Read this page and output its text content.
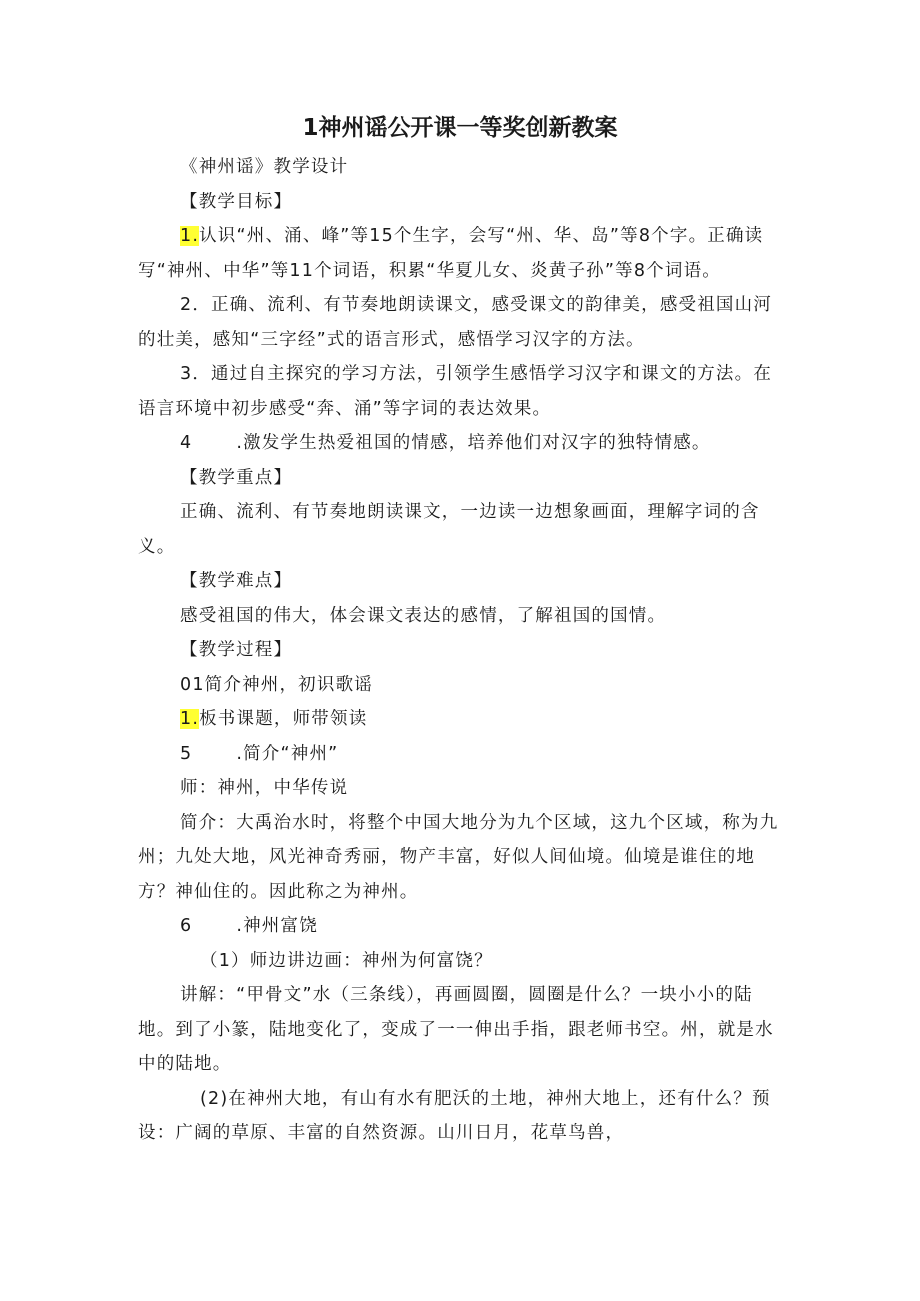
1神州谣公开课一等奖创新教案

《神州谣》教学设计

【教学目标】

1.认识“州、涌、峰”等15个生字，会写“州、华、岛”等8个字。正确读写“神州、中华”等11个词语，积累“华夏儿女、炎黄子孙”等8个词语。

2．正确、流利、有节奏地朗读课文，感受课文的韵律美，感受祖国山河的壮美，感知“三字经”式的语言形式，感悟学习汉字的方法。

3．通过自主探究的学习方法，引领学生感悟学习汉字和课文的方法。在语言环境中初步感受“奔、涌”等字词的表达效果。

4	.激发学生热爱祖国的情感，培养他们对汉字的独特情感。

【教学重点】

正确、流利、有节奏地朗读课文，一边读一边想象画面，理解字词的含义。

【教学难点】

感受祖国的伟大，体会课文表达的感情，了解祖国的国情。

【教学过程】

01简介神州，初识歌谣

1.板书课题，师带领读

5	.简介“神州”

师：神州，中华传说

简介：大禹治水时，将整个中国大地分为九个区域，这九个区域，称为九州；九处大地，风光神奇秀丽，物产丰富，好似人间仙境。仙境是谁住的地方？神仙住的。因此称之为神州。

6	.神州富饶

（1）师边讲边画：神州为何富饶？

讲解：“甲骨文”水（三条线），再画圆圈，圆圈是什么？一块小小的陆地。到了小篆，陆地变化了，变成了一一伸出手指，跟老师书空。州，就是水中的陆地。

(2)在神州大地，有山有水有肥沃的土地，神州大地上，还有什么？预设：广阔的草原、丰富的自然资源。山川日月，花草鸟兽，
